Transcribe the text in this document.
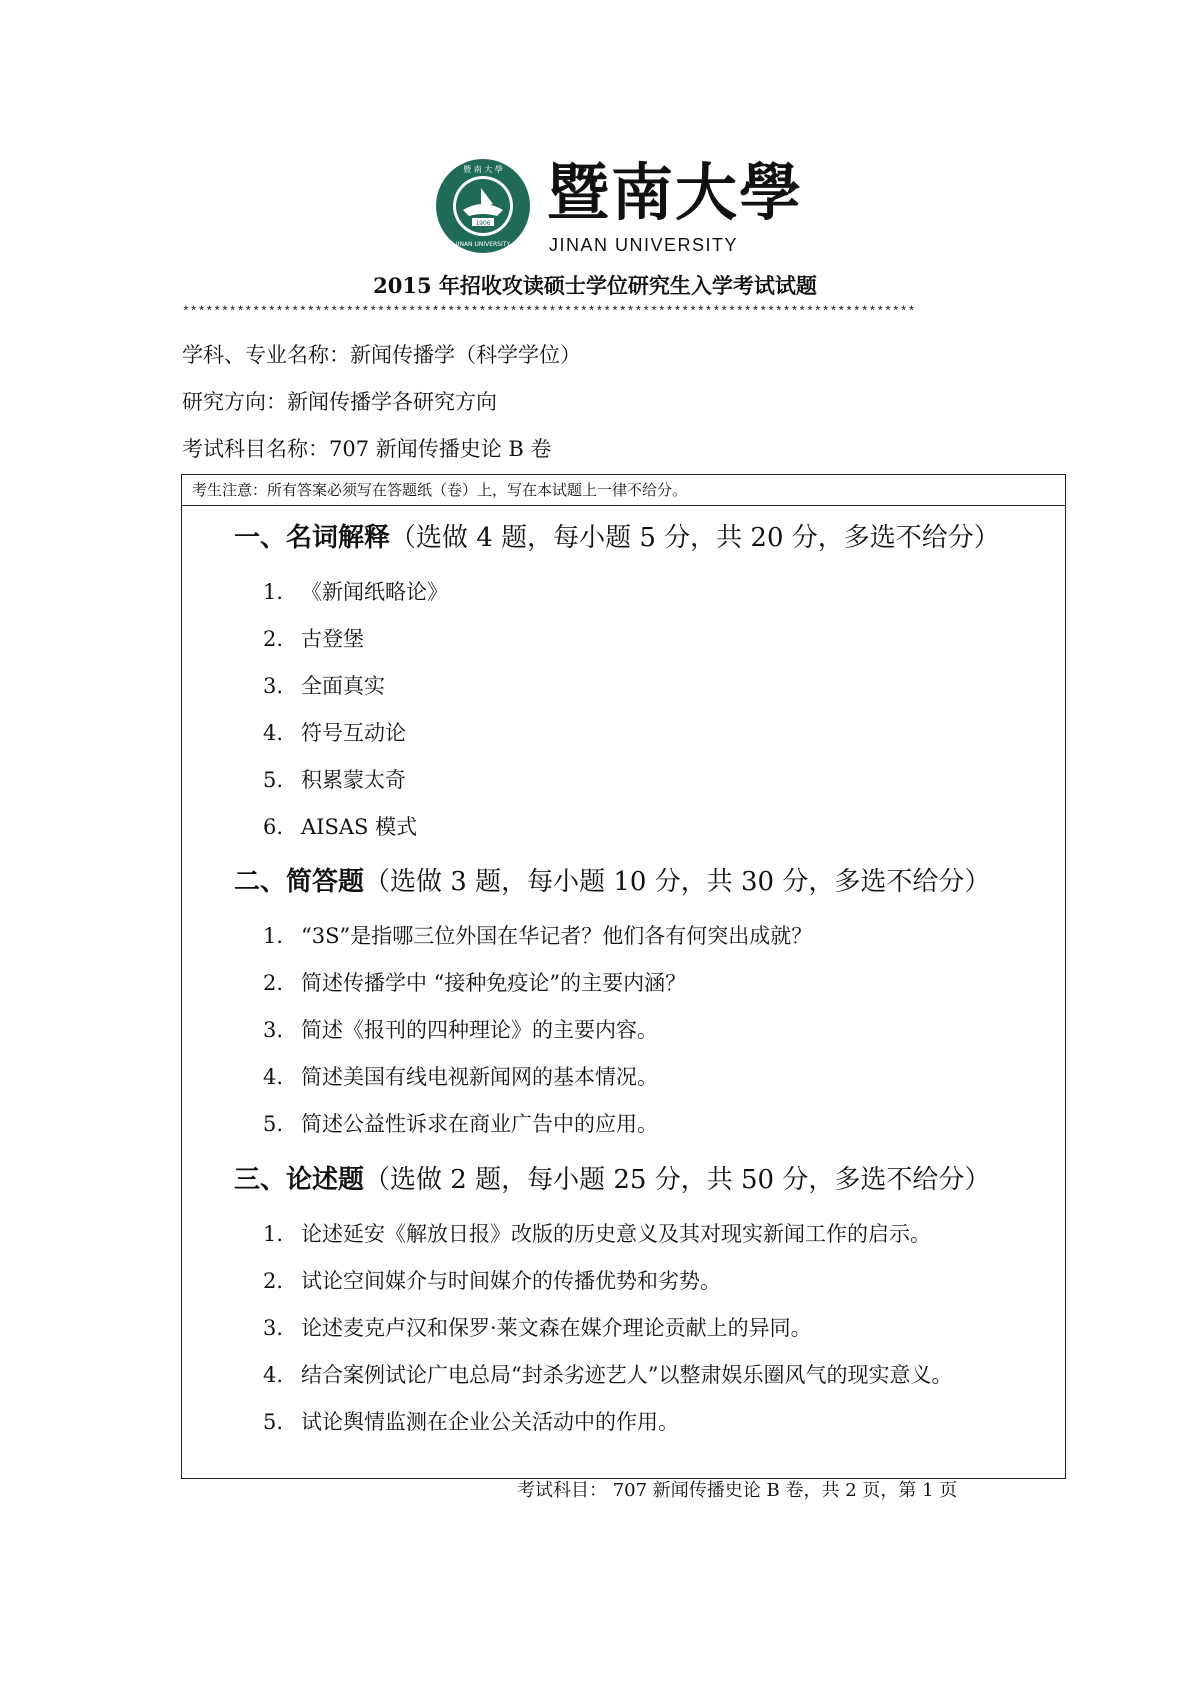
暨 南 大 學
1906
JINAN UNIVERSITY
暨南大學
JINAN UNIVERSITY
2015 年招收攻读硕士学位研究生入学考试试题
**********************************************************************************************
学科、专业名称：新闻传播学（科学学位）
研究方向：新闻传播学各研究方向
考试科目名称：707 新闻传播史论 B 卷
考生注意：所有答案必须写在答题纸（卷）上，写在本试题上一律不给分。
一、名词解释（选做 4 题，每小题 5 分，共 20 分，多选不给分）
1. 《新闻纸略论》
2. 古登堡
3. 全面真实
4. 符号互动论
5. 积累蒙太奇
6. AISAS 模式
二、简答题（选做 3 题，每小题 10 分，共 30 分，多选不给分）
1. “3S”是指哪三位外国在华记者？他们各有何突出成就？
2. 简述传播学中 “接种免疫论”的主要内涵？
3. 简述《报刊的四种理论》的主要内容。
4. 简述美国有线电视新闻网的基本情况。
5. 简述公益性诉求在商业广告中的应用。
三、论述题（选做 2 题，每小题 25 分，共 50 分，多选不给分）
1. 论述延安《解放日报》改版的历史意义及其对现实新闻工作的启示。
2. 试论空间媒介与时间媒介的传播优势和劣势。
3. 论述麦克卢汉和保罗·莱文森在媒介理论贡献上的异同。
4. 结合案例试论广电总局“封杀劣迹艺人”以整肃娱乐圈风气的现实意义。
5. 试论舆情监测在企业公关活动中的作用。
考试科目： 707 新闻传播史论 B 卷，共 2 页，第 1 页
